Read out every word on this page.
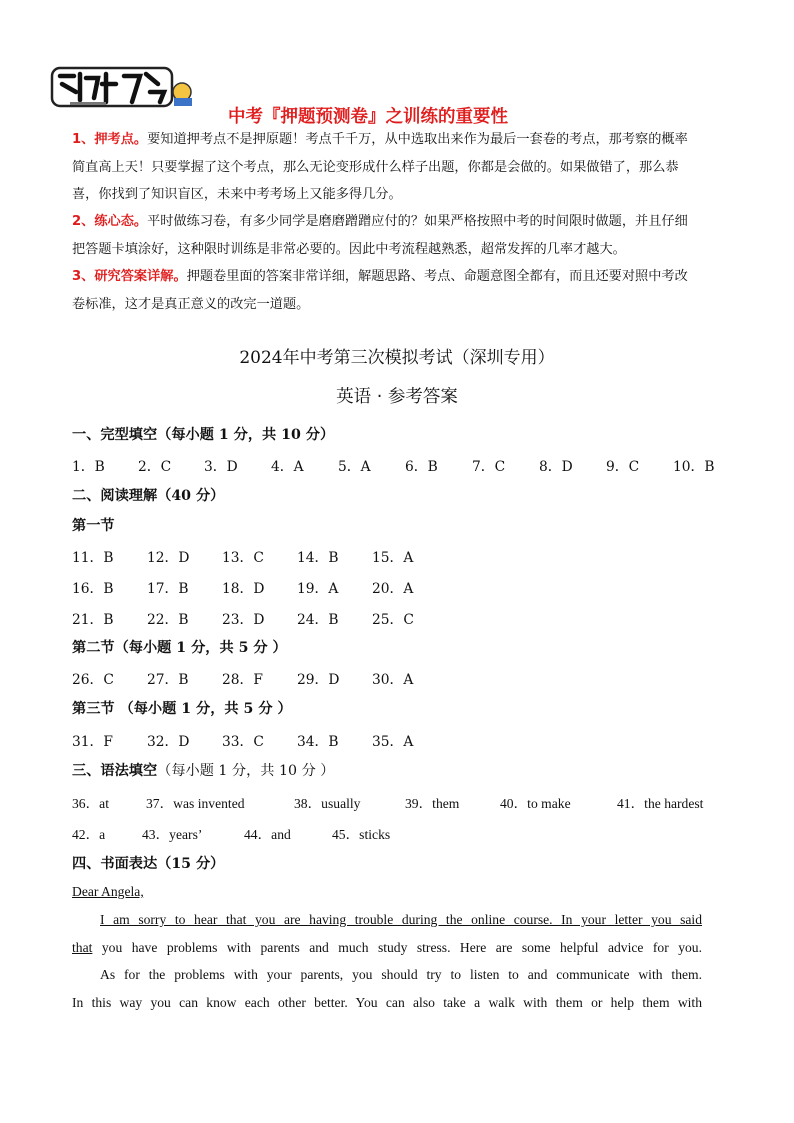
中考『押题预测卷』之训练的重要性
1、押考点。要知道押考点不是押原题！考点千千万，从中选取出来作为最后一套卷的考点，那考察的概率
简直高上天！只要掌握了这个考点，那么无论变形成什么样子出题，你都是会做的。如果做错了，那么恭
喜，你找到了知识盲区，未来中考考场上又能多得几分。
2、练心态。平时做练习卷，有多少同学是磨磨蹭蹭应付的？如果严格按照中考的时间限时做题，并且仔细
把答题卡填涂好，这种限时训练是非常必要的。因此中考流程越熟悉，超常发挥的几率才越大。
3、研究答案详解。押题卷里面的答案非常详细，解题思路、考点、命题意图全都有，而且还要对照中考改
卷标准，这才是真正意义的改完一道题。
2024年中考第三次模拟考试（深圳专用）
英语 · 参考答案
一、完型填空（每小题 1 分，共 10 分）
1．B 2．C 3．D 4．A 5．A 6．B 7．C 8．D 9．C 10．B
二、阅读理解（40 分）
第一节
11．B 12．D 13．C 14．B 15．A
16．B 17．B 18．D 19．A 20．A
21．B 22．B 23．D 24．B 25．C
第二节（每小题 1 分，共 5 分 ）
26．C 27．B 28．F 29．D 30．A
第三节 （每小题 1 分，共 5 分 ）
31．F 32．D 33．C 34．B 35．A
三、语法填空（每小题 1 分，共 10 分 ）
36．at	37．was invented	38．usually	39．them	40．to make	41．the hardest
42．a	43．years’	44．and	45．sticks
四、书面表达（15 分）

Dear Angela,

I am sorry to hear that you are having trouble during the online course. In your letter you said

that you have problems with parents and much study stress. Here are some helpful advice for you.

As for the problems with your parents, you should try to listen to and communicate with them.

In this way you can know each other better. You can also take a walk with them or help them with
